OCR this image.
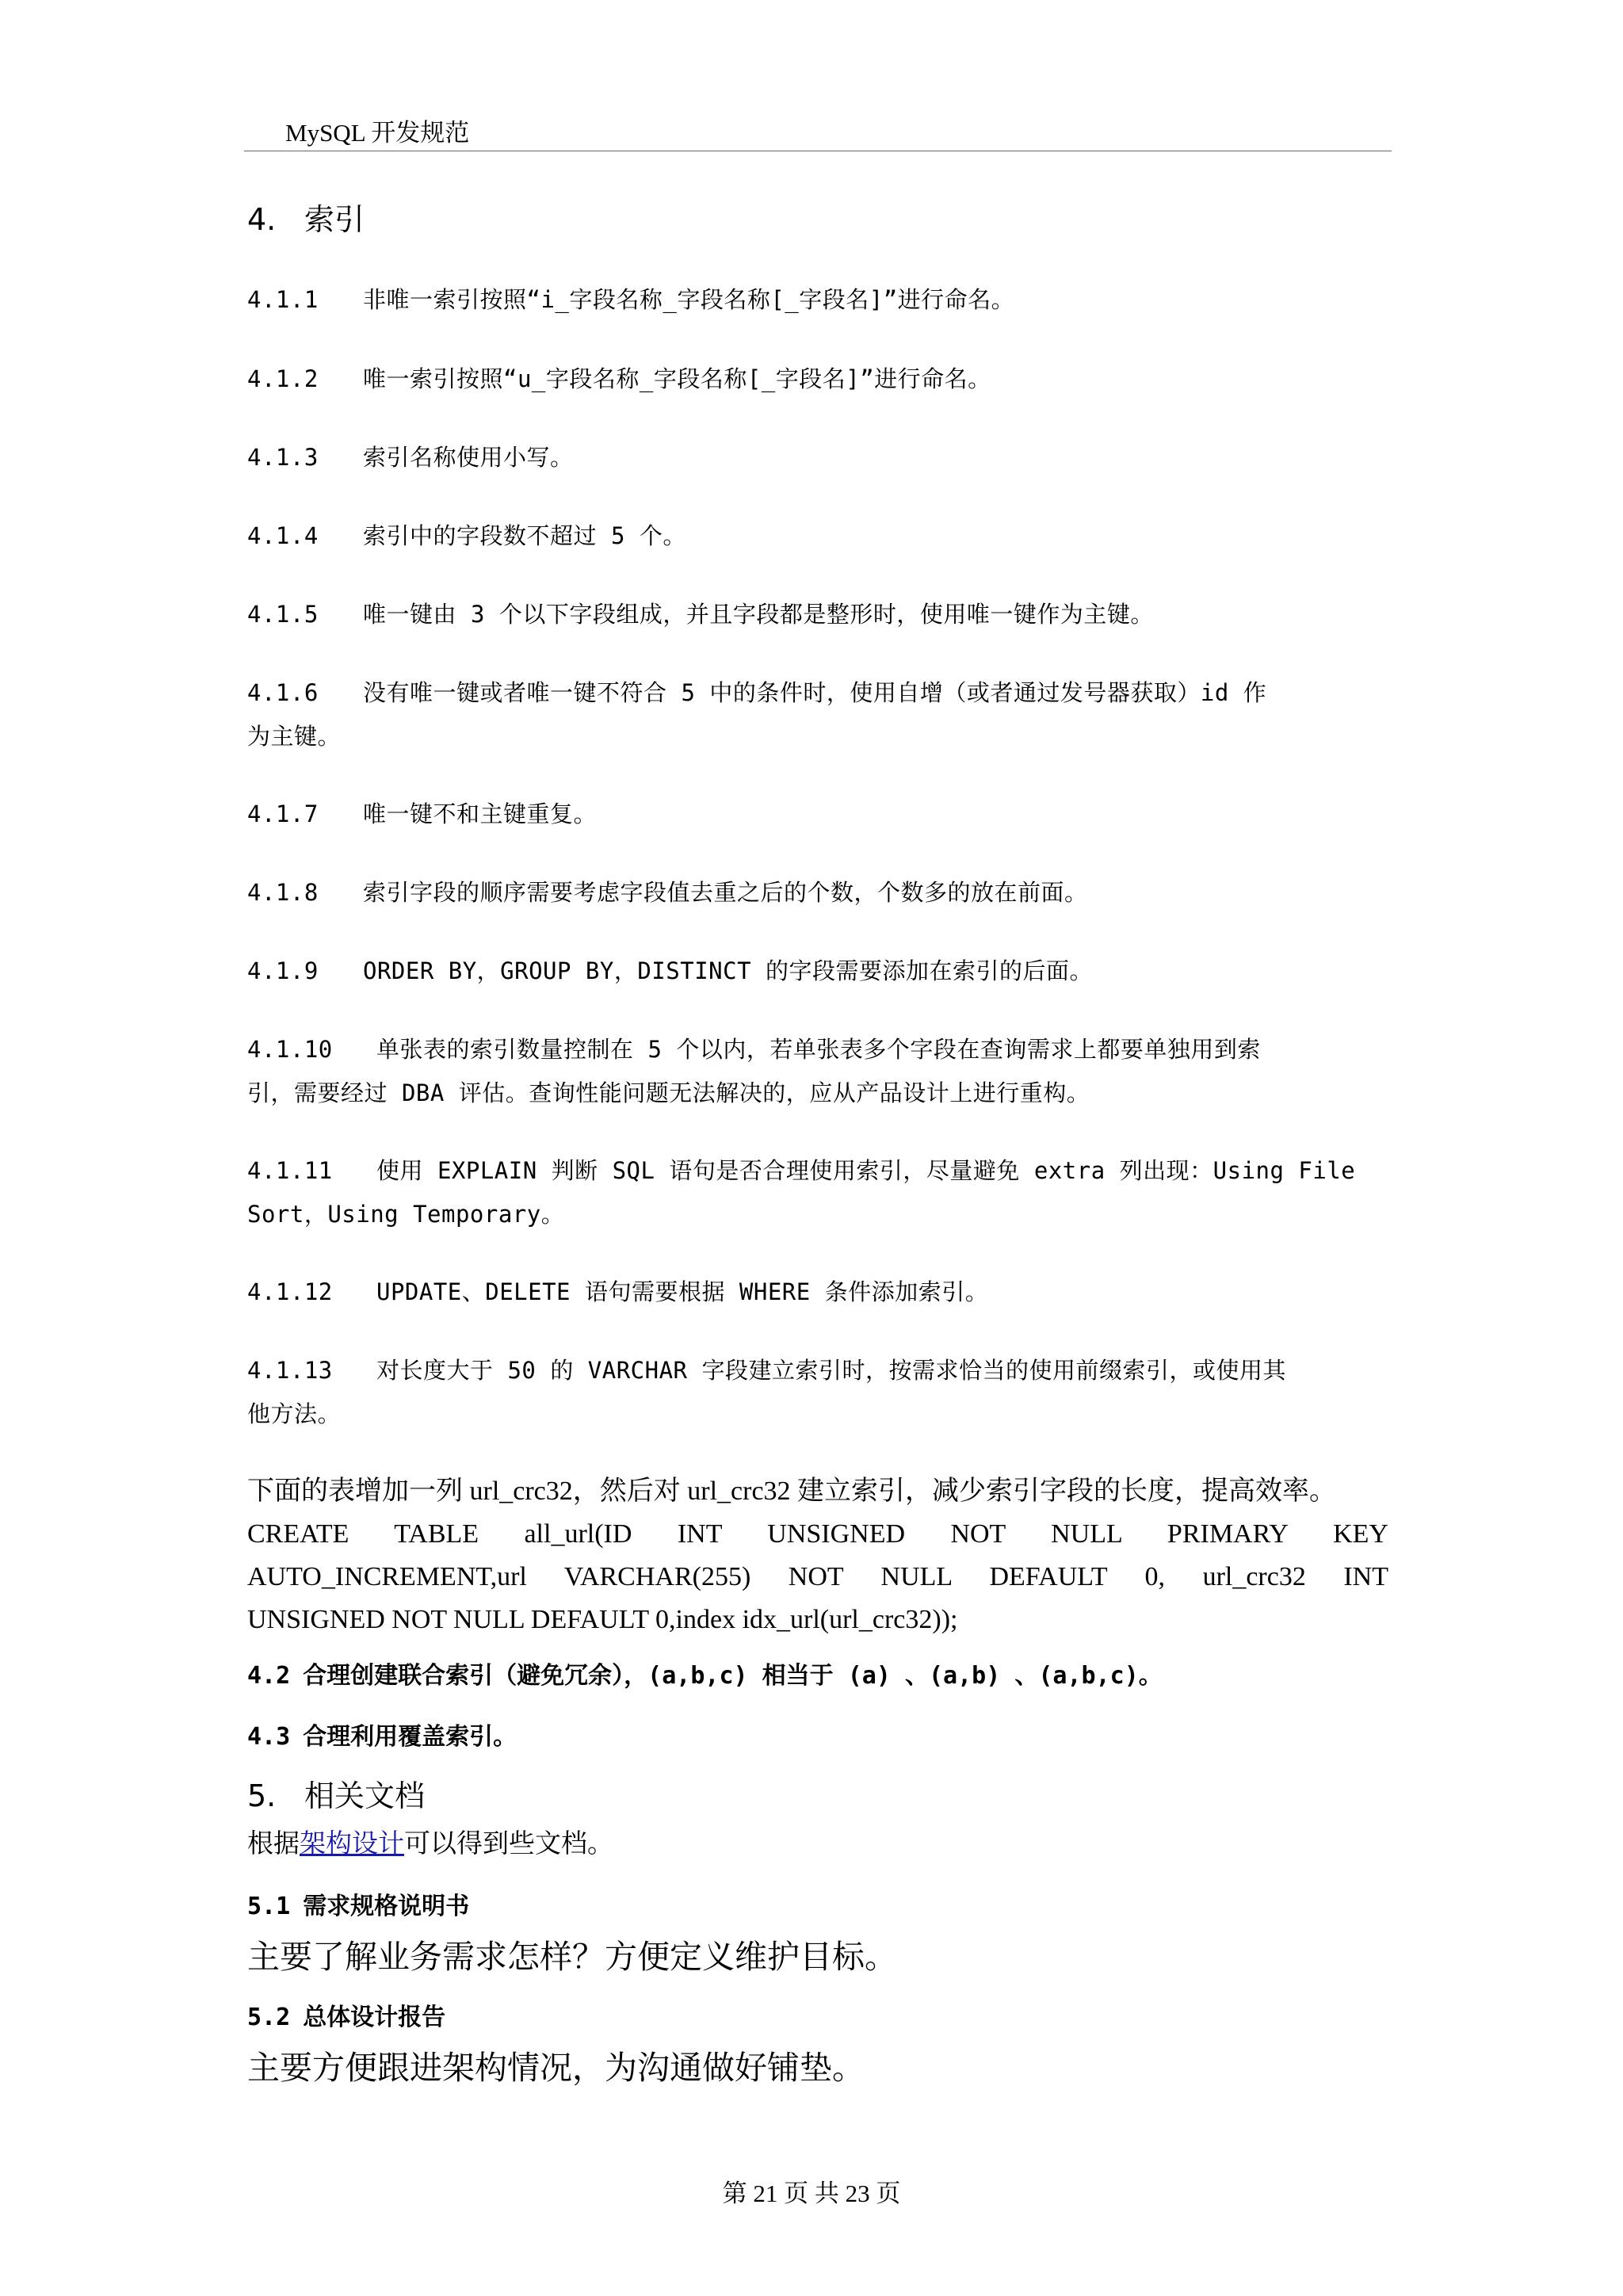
MySQL 开发规范
4. 索引
4.1.1 非唯一索引按照“i_字段名称_字段名称[_字段名]”进行命名。
4.1.2 唯一索引按照“u_字段名称_字段名称[_字段名]”进行命名。
4.1.3 索引名称使用小写。
4.1.4 索引中的字段数不超过 5 个。
4.1.5 唯一键由 3 个以下字段组成，并且字段都是整形时，使用唯一键作为主键。
4.1.6 没有唯一键或者唯一键不符合 5 中的条件时，使用自增（或者通过发号器获取）id 作
为主键。
4.1.7 唯一键不和主键重复。
4.1.8 索引字段的顺序需要考虑字段值去重之后的个数，个数多的放在前面。
4.1.9 ORDER BY，GROUP BY，DISTINCT 的字段需要添加在索引的后面。
4.1.10 单张表的索引数量控制在 5 个以内，若单张表多个字段在查询需求上都要单独用到索
引，需要经过 DBA 评估。查询性能问题无法解决的，应从产品设计上进行重构。
4.1.11 使用 EXPLAIN 判断 SQL 语句是否合理使用索引，尽量避免 extra 列出现：Using File
Sort，Using Temporary。
4.1.12 UPDATE、DELETE 语句需要根据 WHERE 条件添加索引。
4.1.13 对长度大于 50 的 VARCHAR 字段建立索引时，按需求恰当的使用前缀索引，或使用其
他方法。
下面的表增加一列 url_crc32，然后对 url_crc32 建立索引，减少索引字段的长度，提高效率。
CREATE TABLE all_url(ID INT UNSIGNED NOT NULL PRIMARY KEY
AUTO_INCREMENT,url VARCHAR(255) NOT NULL DEFAULT 0, url_crc32 INT
UNSIGNED NOT NULL DEFAULT 0,index idx_url(url_crc32));
4.2 合理创建联合索引（避免冗余），(a,b,c) 相当于 (a) 、(a,b) 、(a,b,c)。
4.3 合理利用覆盖索引。
5. 相关文档
根据架构设计可以得到些文档。
5.1 需求规格说明书
主要了解业务需求怎样？方便定义维护目标。
5.2 总体设计报告
主要方便跟进架构情况，为沟通做好铺垫。
第 21 页 共 23 页
